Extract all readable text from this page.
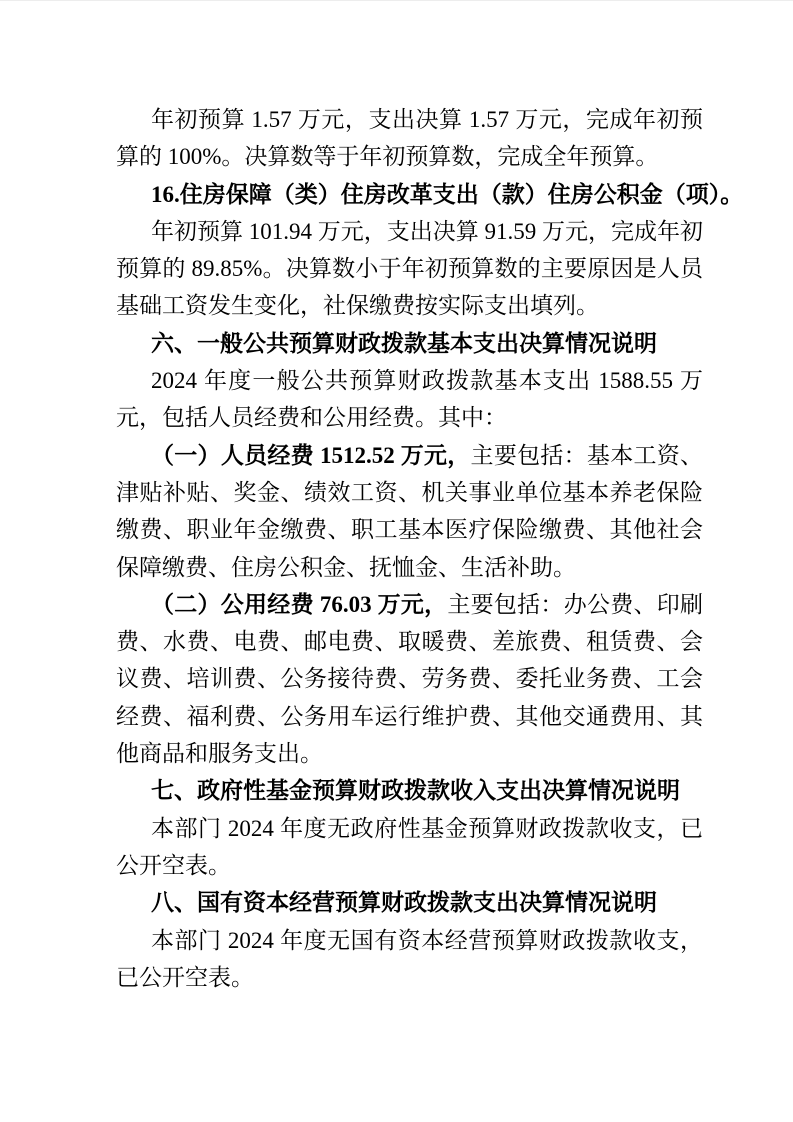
年初预算 1.57 万元，支出决算 1.57 万元，完成年初预算的 100%。决算数等于年初预算数，完成全年预算。

16.住房保障（类）住房改革支出（款）住房公积金（项）。

年初预算 101.94 万元，支出决算 91.59 万元，完成年初预算的 89.85%。决算数小于年初预算数的主要原因是人员基础工资发生变化，社保缴费按实际支出填列。

六、一般公共预算财政拨款基本支出决算情况说明

2024 年度一般公共预算财政拨款基本支出 1588.55 万元，包括人员经费和公用经费。其中：

（一）人员经费 1512.52 万元，主要包括：基本工资、津贴补贴、奖金、绩效工资、机关事业单位基本养老保险缴费、职业年金缴费、职工基本医疗保险缴费、其他社会保障缴费、住房公积金、抚恤金、生活补助。

（二）公用经费 76.03 万元，主要包括：办公费、印刷费、水费、电费、邮电费、取暖费、差旅费、租赁费、会议费、培训费、公务接待费、劳务费、委托业务费、工会经费、福利费、公务用车运行维护费、其他交通费用、其他商品和服务支出。

七、政府性基金预算财政拨款收入支出决算情况说明

本部门 2024 年度无政府性基金预算财政拨款收支，已公开空表。

八、国有资本经营预算财政拨款支出决算情况说明

本部门 2024 年度无国有资本经营预算财政拨款收支，已公开空表。
